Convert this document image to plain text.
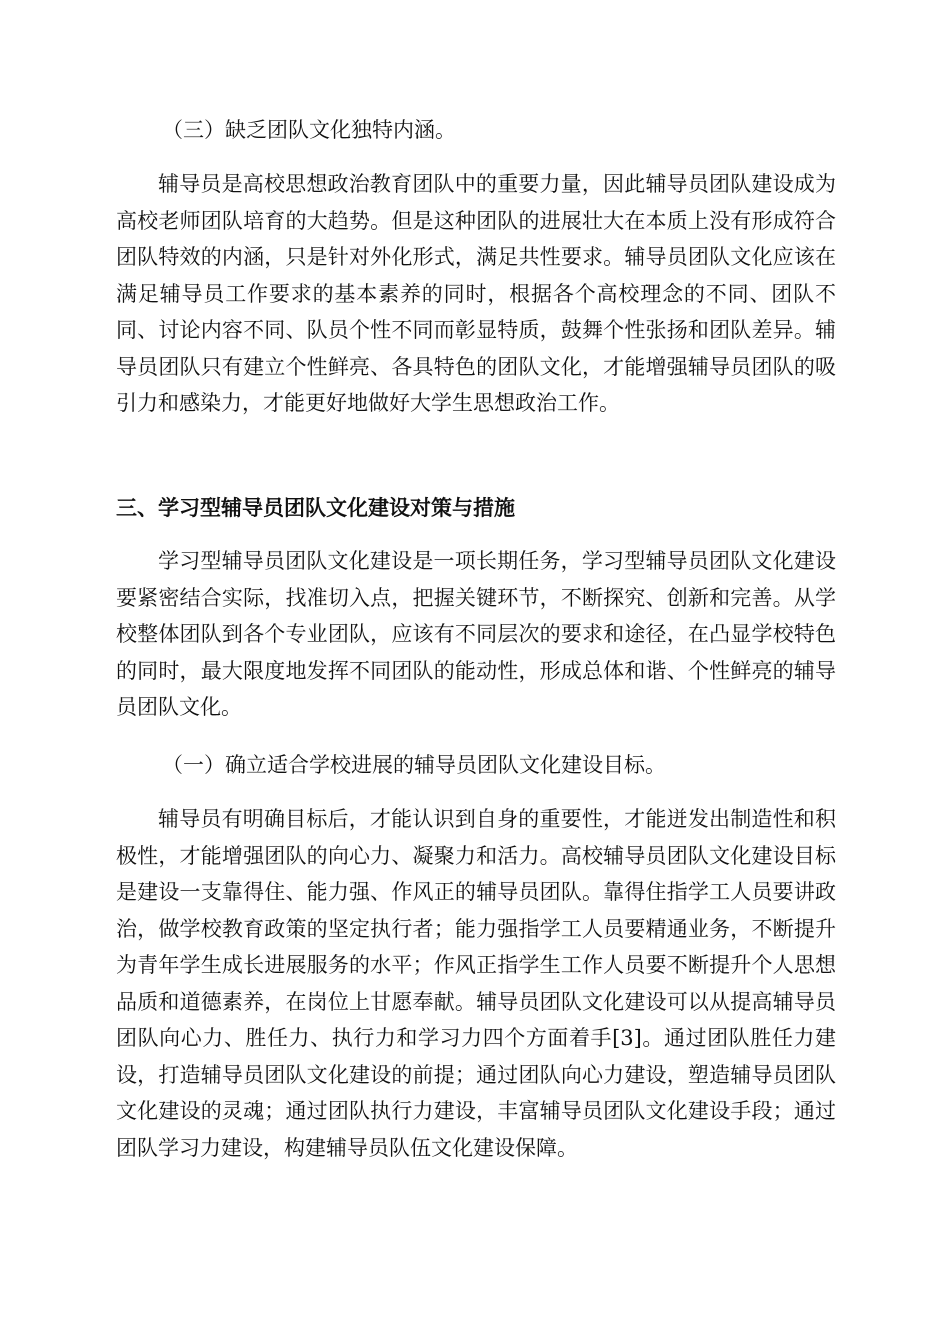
（三）缺乏团队文化独特内涵。

辅导员是高校思想政治教育团队中的重要力量，因此辅导员团队建设成为高校老师团队培育的大趋势。但是这种团队的进展壮大在本质上没有形成符合团队特效的内涵，只是针对外化形式，满足共性要求。辅导员团队文化应该在满足辅导员工作要求的基本素养的同时，根据各个高校理念的不同、团队不同、讨论内容不同、队员个性不同而彰显特质，鼓舞个性张扬和团队差异。辅导员团队只有建立个性鲜亮、各具特色的团队文化，才能增强辅导员团队的吸引力和感染力，才能更好地做好大学生思想政治工作。

三、学习型辅导员团队文化建设对策与措施

学习型辅导员团队文化建设是一项长期任务，学习型辅导员团队文化建设要紧密结合实际，找准切入点，把握关键环节，不断探究、创新和完善。从学校整体团队到各个专业团队，应该有不同层次的要求和途径，在凸显学校特色的同时，最大限度地发挥不同团队的能动性，形成总体和谐、个性鲜亮的辅导员团队文化。

（一）确立适合学校进展的辅导员团队文化建设目标。

辅导员有明确目标后，才能认识到自身的重要性，才能迸发出制造性和积极性，才能增强团队的向心力、凝聚力和活力。高校辅导员团队文化建设目标是建设一支靠得住、能力强、作风正的辅导员团队。靠得住指学工人员要讲政治，做学校教育政策的坚定执行者；能力强指学工人员要精通业务，不断提升为青年学生成长进展服务的水平；作风正指学生工作人员要不断提升个人思想品质和道德素养，在岗位上甘愿奉献。辅导员团队文化建设可以从提高辅导员团队向心力、胜任力、执行力和学习力四个方面着手[3]。通过团队胜任力建设，打造辅导员团队文化建设的前提；通过团队向心力建设，塑造辅导员团队文化建设的灵魂；通过团队执行力建设，丰富辅导员团队文化建设手段；通过团队学习力建设，构建辅导员队伍文化建设保障。
